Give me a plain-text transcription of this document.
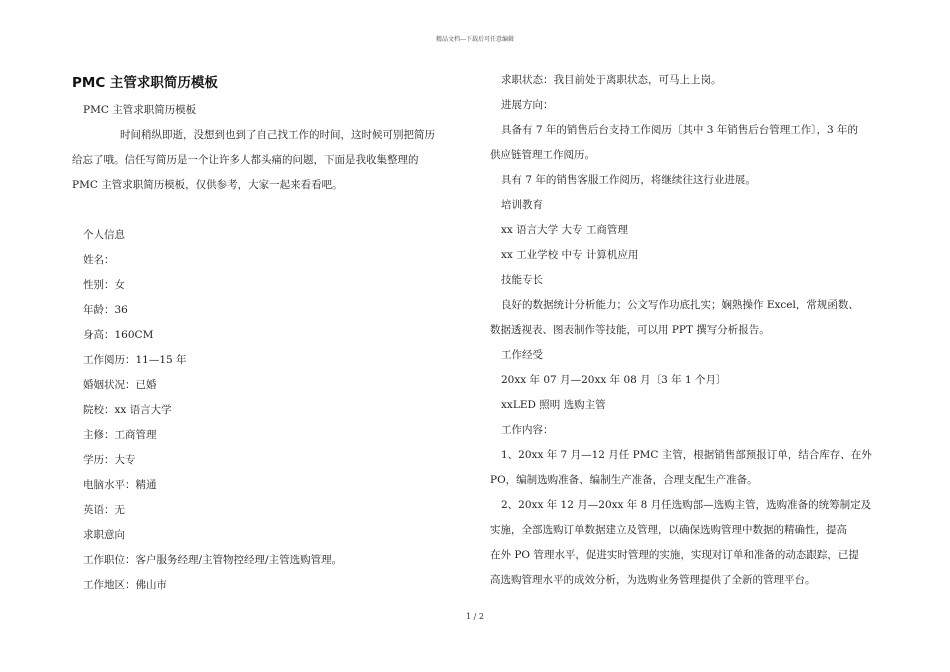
精品文档---下载后可任意编辑
PMC 主管求职简历模板

PMC 主管求职简历模板

时间稍纵即逝，没想到也到了自己找工作的时间，这时候可别把简历

给忘了哦。信任写简历是一个让许多人都头痛的问题，下面是我收集整理的

PMC 主管求职简历模板，仅供参考，大家一起来看看吧。

个人信息

姓名：

性别：女

年龄：36

身高：160CM

工作阅历：11—15 年

婚姻状况：已婚

院校：xx 语言大学

主修：工商管理

学历：大专

电脑水平：精通

英语：无

求职意向

工作职位：客户服务经理/主管物控经理/主管选购管理。

工作地区：佛山市

求职状态：我目前处于离职状态，可马上上岗。

进展方向：

具备有 7 年的销售后台支持工作阅历〔其中 3 年销售后台管理工作〕，3 年的

供应链管理工作阅历。

具有 7 年的销售客服工作阅历，将继续往这行业进展。

培训教育

xx 语言大学 大专 工商管理

xx 工业学校 中专 计算机应用

技能专长

良好的数据统计分析能力；公文写作功底扎实；娴熟操作 Excel，常规函数、

数据透视表、图表制作等技能，可以用 PPT 撰写分析报告。

工作经受

20xx 年 07 月—20xx 年 08 月〔3 年 1 个月〕

xxLED 照明 选购主管

工作内容：

1、20xx 年 7 月—12 月任 PMC 主管，根据销售部预报订单，结合库存、在外

PO，编制选购准备、编制生产准备，合理支配生产准备。

2、20xx 年 12 月—20xx 年 8 月任选购部—选购主管，选购准备的统筹制定及

实施，全部选购订单数据建立及管理，以确保选购管理中数据的精确性，提高

在外 PO 管理水平，促进实时管理的实施，实现对订单和准备的动态跟踪，已提

高选购管理水平的成效分析，为选购业务管理提供了全新的管理平台。

1 / 2
